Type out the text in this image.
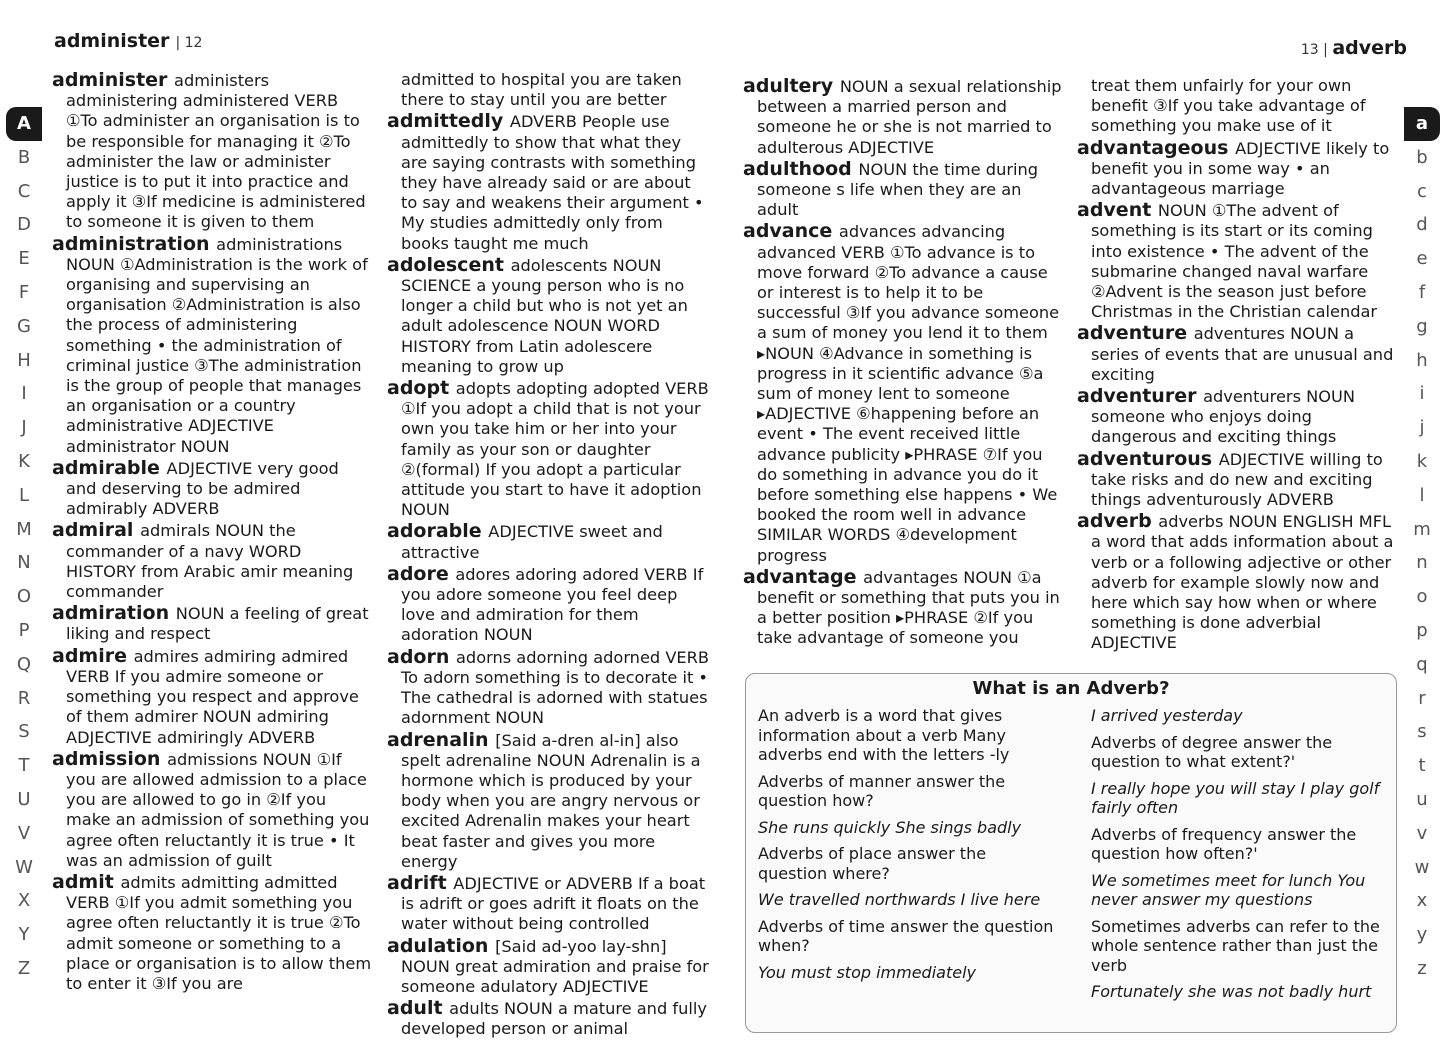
administer | 12
A
B
C
D
E
F
G
H
I
J
K
L
M
N
O
P
Q
R
S
T
U
V
W
X
Y
Z
administer administers administering administered VERB ①To administer an organisation is to be responsible for managing it ②To administer the law or administer justice is to put it into practice and apply it ③If medicine is administered to someone it is given to them
administration administrations NOUN ①Administration is the work of organising and supervising an organisation ②Administration is also the process of administering something • the administration of criminal justice ③The administration is the group of people that manages an organisation or a country administrative ADJECTIVE administrator NOUN
admirable ADJECTIVE very good and deserving to be admired admirably ADVERB
admiral admirals NOUN the commander of a navy WORD HISTORY from Arabic amir meaning commander
admiration NOUN a feeling of great liking and respect
admire admires admiring admired VERB If you admire someone or something you respect and approve of them admirer NOUN admiring ADJECTIVE admiringly ADVERB
admission admissions NOUN ①If you are allowed admission to a place you are allowed to go in ②If you make an admission of something you agree often reluctantly it is true • It was an admission of guilt
admit admits admitting admitted VERB ①If you admit something you agree often reluctantly it is true ②To admit someone or something to a place or organisation is to allow them to enter it ③If you are
admitted to hospital you are taken there to stay until you are better
admittedly ADVERB People use admittedly to show that what they are saying contrasts with something they have already said or are about to say and weakens their argument • My studies admittedly only from books taught me much
adolescent adolescents NOUN SCIENCE a young person who is no longer a child but who is not yet an adult adolescence NOUN WORD HISTORY from Latin adolescere meaning to grow up
adopt adopts adopting adopted VERB ①If you adopt a child that is not your own you take him or her into your family as your son or daughter ②(formal) If you adopt a particular attitude you start to have it adoption NOUN
adorable ADJECTIVE sweet and attractive
adore adores adoring adored VERB If you adore someone you feel deep love and admiration for them adoration NOUN
adorn adorns adorning adorned VERB To adorn something is to decorate it • The cathedral is adorned with statues adornment NOUN
adrenalin [Said a-dren al-in] also spelt adrenaline NOUN Adrenalin is a hormone which is produced by your body when you are angry nervous or excited Adrenalin makes your heart beat faster and gives you more energy
adrift ADJECTIVE or ADVERB If a boat is adrift or goes adrift it floats on the water without being controlled
adulation [Said ad-yoo lay-shn] NOUN great admiration and praise for someone adulatory ADJECTIVE
adult adults NOUN a mature and fully developed person or animal
13 | adverb
a
b
c
d
e
f
g
h
i
j
k
l
m
n
o
p
q
r
s
t
u
v
w
x
y
z
adultery NOUN a sexual relationship between a married person and someone he or she is not married to adulterous ADJECTIVE
adulthood NOUN the time during someone s life when they are an adult
advance advances advancing advanced VERB ①To advance is to move forward ②To advance a cause or interest is to help it to be successful ③If you advance someone a sum of money you lend it to them ▸NOUN ④Advance in something is progress in it scientific advance ⑤a sum of money lent to someone ▸ADJECTIVE ⑥happening before an event • The event received little advance publicity ▸PHRASE ⑦If you do something in advance you do it before something else happens • We booked the room well in advance SIMILAR WORDS ④development progress
advantage advantages NOUN ①a benefit or something that puts you in a better position ▸PHRASE ②If you take advantage of someone you
treat them unfairly for your own benefit ③If you take advantage of something you make use of it
advantageous ADJECTIVE likely to benefit you in some way • an advantageous marriage
advent NOUN ①The advent of something is its start or its coming into existence • The advent of the submarine changed naval warfare ②Advent is the season just before Christmas in the Christian calendar
adventure adventures NOUN a series of events that are unusual and exciting
adventurer adventurers NOUN someone who enjoys doing dangerous and exciting things
adventurous ADJECTIVE willing to take risks and do new and exciting things adventurously ADVERB
adverb adverbs NOUN ENGLISH MFL a word that adds information about a verb or a following adjective or other adverb for example slowly now and here which say how when or where something is done adverbial ADJECTIVE
What is an Adverb?

An adverb is a word that gives information about a verb Many adverbs end with the letters -ly

Adverbs of manner answer the question how?

She runs quickly She sings badly

Adverbs of place answer the question where?

We travelled northwards I live here

Adverbs of time answer the question when?

You must stop immediately

I arrived yesterday

Adverbs of degree answer the question to what extent?'

I really hope you will stay I play golf fairly often

Adverbs of frequency answer the question how often?'

We sometimes meet for lunch You never answer my questions

Sometimes adverbs can refer to the whole sentence rather than just the verb

Fortunately she was not badly hurt
